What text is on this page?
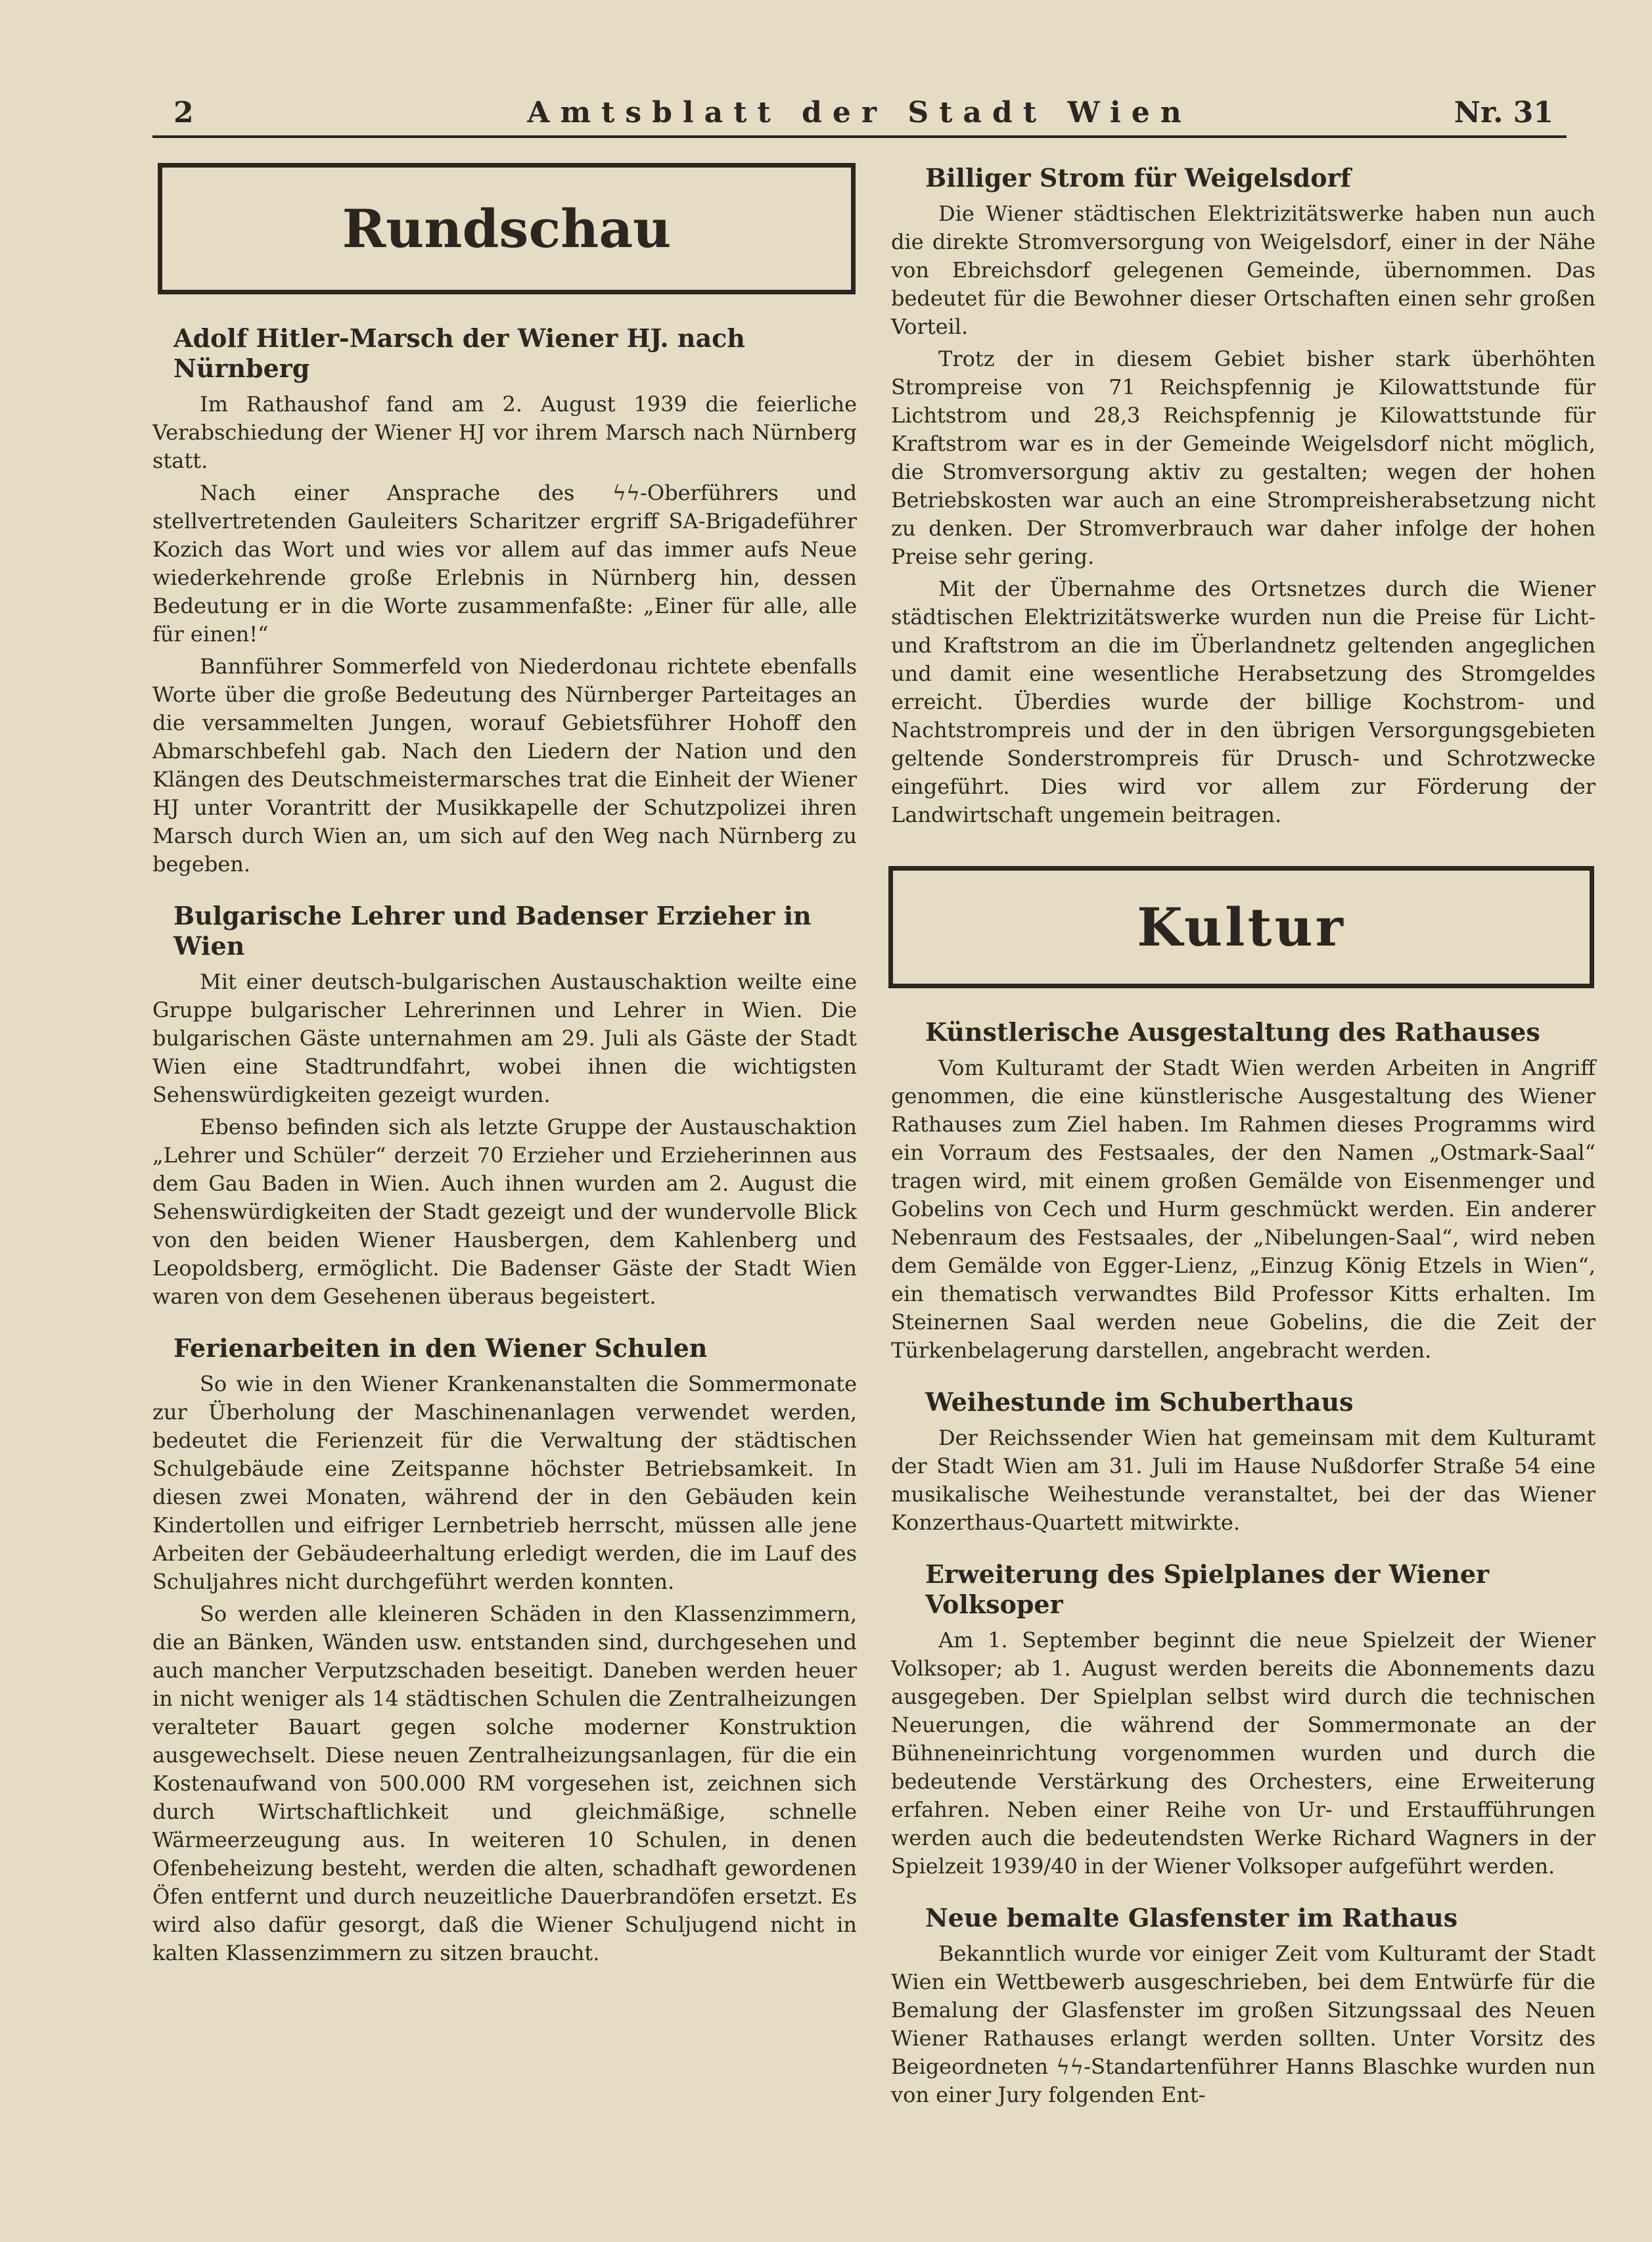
2	Amtsblatt der Stadt Wien	Nr. 31
Rundschau
Adolf Hitler-Marsch der Wiener HJ. nach Nürnberg

Im Rathaushof fand am 2. August 1939 die feierliche Verabschiedung der Wiener HJ vor ihrem Marsch nach Nürnberg statt.

Nach einer Ansprache des ϟϟ-Oberführers und stellvertretenden Gauleiters Scharitzer ergriff SA-Brigadeführer Kozich das Wort und wies vor allem auf das immer aufs Neue wiederkehrende große Erlebnis in Nürnberg hin, dessen Bedeutung er in die Worte zusammenfaßte: „Einer für alle, alle für einen!“

Bannführer Sommerfeld von Niederdonau richtete ebenfalls Worte über die große Bedeutung des Nürnberger Parteitages an die versammelten Jungen, worauf Gebietsführer Hohoff den Abmarschbefehl gab. Nach den Liedern der Nation und den Klängen des Deutschmeistermarsches trat die Einheit der Wiener HJ unter Vorantritt der Musikkapelle der Schutzpolizei ihren Marsch durch Wien an, um sich auf den Weg nach Nürnberg zu begeben.

Bulgarische Lehrer und Badenser Erzieher in Wien

Mit einer deutsch-bulgarischen Austauschaktion weilte eine Gruppe bulgarischer Lehrerinnen und Lehrer in Wien. Die bulgarischen Gäste unternahmen am 29. Juli als Gäste der Stadt Wien eine Stadtrundfahrt, wobei ihnen die wichtigsten Sehenswürdigkeiten gezeigt wurden.

Ebenso befinden sich als letzte Gruppe der Austauschaktion „Lehrer und Schüler“ derzeit 70 Erzieher und Erzieherinnen aus dem Gau Baden in Wien. Auch ihnen wurden am 2. August die Sehenswürdigkeiten der Stadt gezeigt und der wundervolle Blick von den beiden Wiener Hausbergen, dem Kahlenberg und Leopoldsberg, ermöglicht. Die Badenser Gäste der Stadt Wien waren von dem Gesehenen überaus begeistert.

Ferienarbeiten in den Wiener Schulen

So wie in den Wiener Krankenanstalten die Sommermonate zur Überholung der Maschinenanlagen verwendet werden, bedeutet die Ferienzeit für die Verwaltung der städtischen Schulgebäude eine Zeitspanne höchster Betriebsamkeit. In diesen zwei Monaten, während der in den Gebäuden kein Kindertollen und eifriger Lernbetrieb herrscht, müssen alle jene Arbeiten der Gebäudeerhaltung erledigt werden, die im Lauf des Schuljahres nicht durchgeführt werden konnten.

So werden alle kleineren Schäden in den Klassenzimmern, die an Bänken, Wänden usw. entstanden sind, durchgesehen und auch mancher Verputzschaden beseitigt. Daneben werden heuer in nicht weniger als 14 städtischen Schulen die Zentralheizungen veralteter Bauart gegen solche moderner Konstruktion ausgewechselt. Diese neuen Zentralheizungsanlagen, für die ein Kostenaufwand von 500.000 RM vorgesehen ist, zeichnen sich durch Wirtschaftlichkeit und gleichmäßige, schnelle Wärmeerzeugung aus. In weiteren 10 Schulen, in denen Ofenbeheizung besteht, werden die alten, schadhaft gewordenen Öfen entfernt und durch neuzeitliche Dauerbrandöfen ersetzt. Es wird also dafür gesorgt, daß die Wiener Schuljugend nicht in kalten Klassenzimmern zu sitzen braucht.

Billiger Strom für Weigelsdorf

Die Wiener städtischen Elektrizitätswerke haben nun auch die direkte Stromversorgung von Weigelsdorf, einer in der Nähe von Ebreichsdorf gelegenen Gemeinde, übernommen. Das bedeutet für die Bewohner dieser Ortschaften einen sehr großen Vorteil.

Trotz der in diesem Gebiet bisher stark überhöhten Strompreise von 71 Reichspfennig je Kilowattstunde für Lichtstrom und 28,3 Reichspfennig je Kilowattstunde für Kraftstrom war es in der Gemeinde Weigelsdorf nicht möglich, die Stromversorgung aktiv zu gestalten; wegen der hohen Betriebskosten war auch an eine Strompreisherabsetzung nicht zu denken. Der Stromverbrauch war daher infolge der hohen Preise sehr gering.

Mit der Übernahme des Ortsnetzes durch die Wiener städtischen Elektrizitätswerke wurden nun die Preise für Licht- und Kraftstrom an die im Überlandnetz geltenden angeglichen und damit eine wesentliche Herabsetzung des Stromgeldes erreicht. Überdies wurde der billige Kochstrom- und Nachtstrompreis und der in den übrigen Versorgungsgebieten geltende Sonderstrompreis für Drusch- und Schrotzwecke eingeführt. Dies wird vor allem zur Förderung der Landwirtschaft ungemein beitragen.

Kultur
Künstlerische Ausgestaltung des Rathauses

Vom Kulturamt der Stadt Wien werden Arbeiten in Angriff genommen, die eine künstlerische Ausgestaltung des Wiener Rathauses zum Ziel haben. Im Rahmen dieses Programms wird ein Vorraum des Festsaales, der den Namen „Ostmark-Saal“ tragen wird, mit einem großen Gemälde von Eisenmenger und Gobelins von Cech und Hurm geschmückt werden. Ein anderer Nebenraum des Festsaales, der „Nibelungen-Saal“, wird neben dem Gemälde von Egger-Lienz, „Einzug König Etzels in Wien“, ein thematisch verwandtes Bild Professor Kitts erhalten. Im Steinernen Saal werden neue Gobelins, die die Zeit der Türkenbelagerung darstellen, angebracht werden.

Weihestunde im Schuberthaus

Der Reichssender Wien hat gemeinsam mit dem Kulturamt der Stadt Wien am 31. Juli im Hause Nußdorfer Straße 54 eine musikalische Weihestunde veranstaltet, bei der das Wiener Konzerthaus-Quartett mitwirkte.

Erweiterung des Spielplanes der Wiener Volksoper

Am 1. September beginnt die neue Spielzeit der Wiener Volksoper; ab 1. August werden bereits die Abonnements dazu ausgegeben. Der Spielplan selbst wird durch die technischen Neuerungen, die während der Sommermonate an der Bühneneinrichtung vorgenommen wurden und durch die bedeutende Verstärkung des Orchesters, eine Erweiterung erfahren. Neben einer Reihe von Ur- und Erstaufführungen werden auch die bedeutendsten Werke Richard Wagners in der Spielzeit 1939/40 in der Wiener Volksoper aufgeführt werden.

Neue bemalte Glasfenster im Rathaus

Bekanntlich wurde vor einiger Zeit vom Kulturamt der Stadt Wien ein Wettbewerb ausgeschrieben, bei dem Entwürfe für die Bemalung der Glasfenster im großen Sitzungssaal des Neuen Wiener Rathauses erlangt werden sollten. Unter Vorsitz des Beigeordneten ϟϟ-Standartenführer Hanns Blaschke wurden nun von einer Jury folgenden Ent-
